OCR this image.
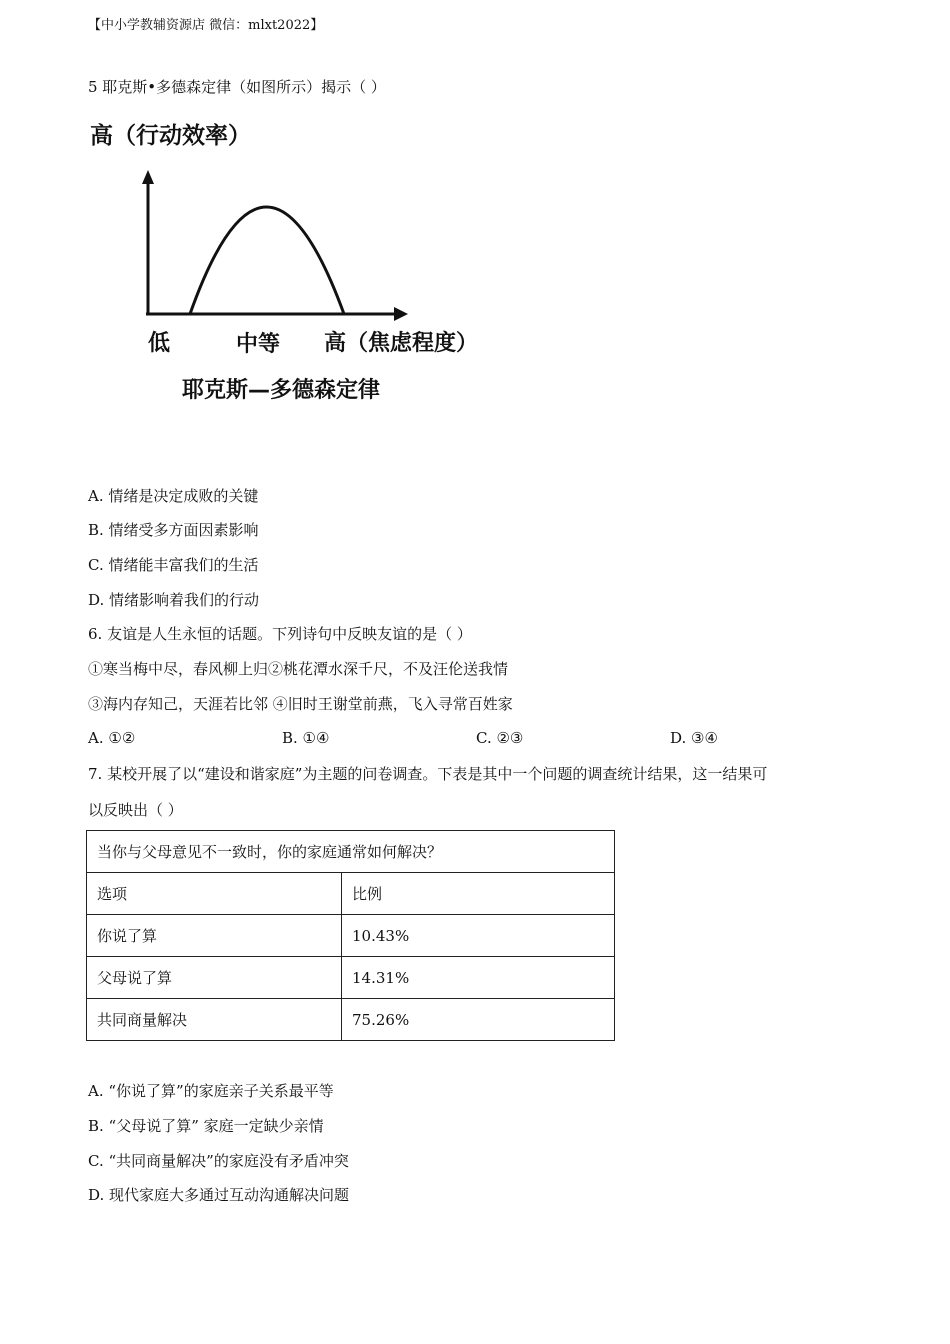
【中小学教辅资源店 微信：mlxt2022】
5 耶克斯•多德森定律（如图所示）揭示（ ）
高（行动效率）
低	中等 高（焦虑程度）
耶克斯—多德森定律
A. 情绪是决定成败的关键
B. 情绪受多方面因素影响
C. 情绪能丰富我们的生活
D. 情绪影响着我们的行动
6. 友谊是人生永恒的话题。下列诗句中反映友谊的是（ ）
①寒当梅中尽，春风柳上归②桃花潭水深千尺，不及汪伦送我情
③海内存知己，天涯若比邻 ④旧时王谢堂前燕，飞入寻常百姓家
A. ①②	B. ①④	C. ②③	D. ③④
7. 某校开展了以“建设和谐家庭”为主题的问卷调查。下表是其中一个问题的调查统计结果，这一结果可
以反映出（ ）
当你与父母意见不一致时，你的家庭通常如何解决？	
选项	比例
你说了算	10.43%
父母说了算	14.31%
共同商量解决	75.26%
A. “你说了算”的家庭亲子关系最平等
B. “父母说了算” 家庭一定缺少亲情
C. “共同商量解决”的家庭没有矛盾冲突
D. 现代家庭大多通过互动沟通解决问题
